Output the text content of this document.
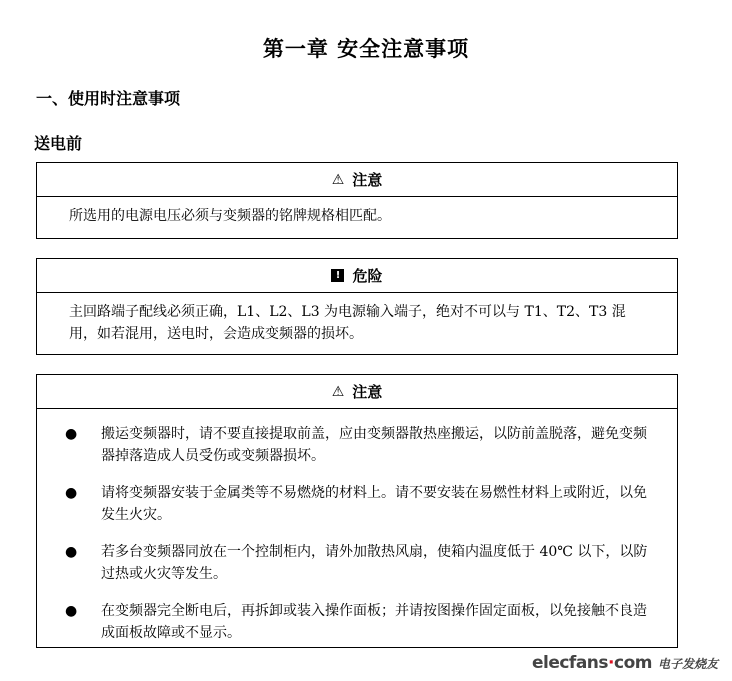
第一章 安全注意事项
一、使用时注意事项
送电前
⚠ 注意
所选用的电源电压必须与变频器的铭牌规格相匹配。
! 危险
主回路端子配线必须正确，L1、L2、L3 为电源输入端子，绝对不可以与 T1、T2、T3 混用，如若混用，送电时，会造成变频器的损坏。
⚠ 注意
● 搬运变频器时，请不要直接提取前盖，应由变频器散热座搬运，以防前盖脱落，避免变频器掉落造成人员受伤或变频器损坏。
● 请将变频器安装于金属类等不易燃烧的材料上。请不要安装在易燃性材料上或附近，以免发生火灾。
● 若多台变频器同放在一个控制柜内，请外加散热风扇，使箱内温度低于 40℃ 以下，以防过热或火灾等发生。
● 在变频器完全断电后，再拆卸或装入操作面板；并请按图操作固定面板，以免接触不良造成面板故障或不显示。
elecfans·com 电子发烧友
